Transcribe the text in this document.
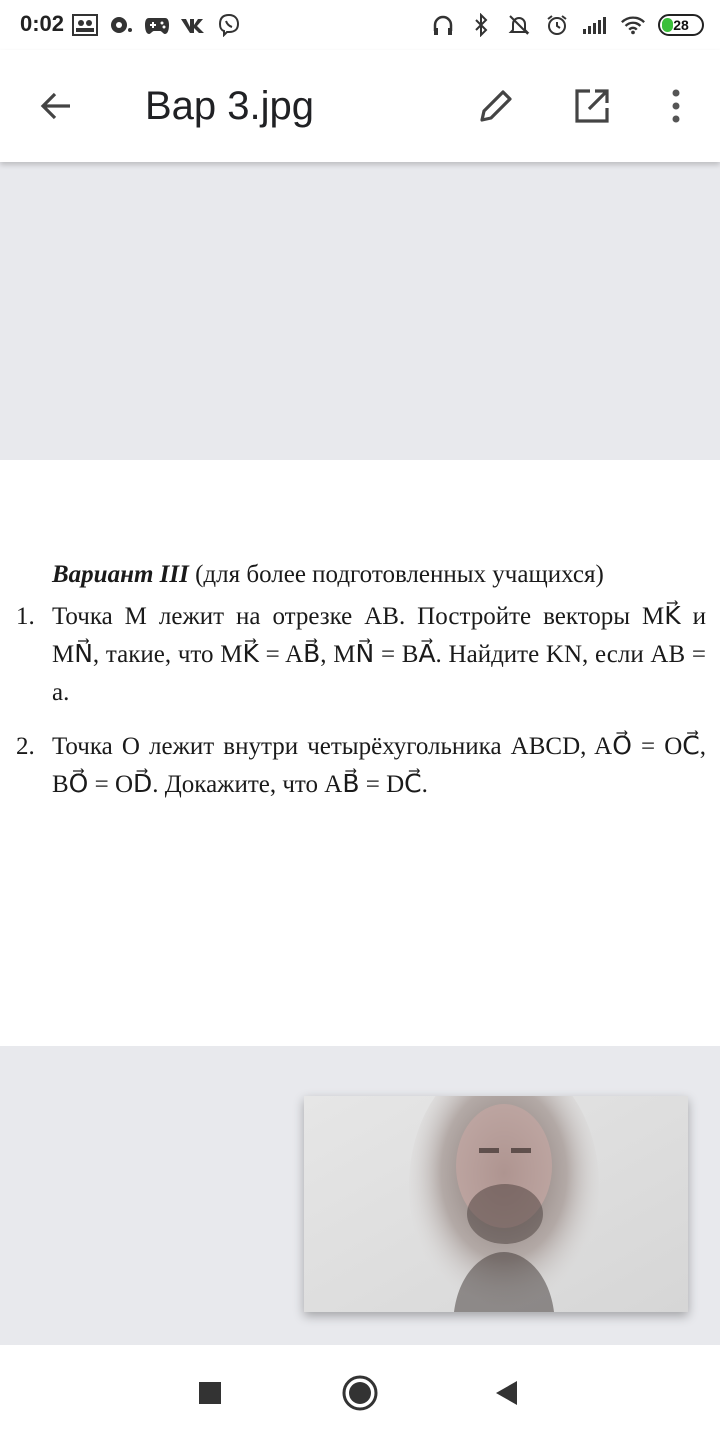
0:02	28
Вар 3.jpg
Вариант III (для более подготовленных учащихся)
1. Точка M лежит на отрезке AB. Постройте векторы MK⃗ и MN⃗, такие, что MK⃗ = AB⃗, MN⃗ = BA⃗. Найдите KN, если AB = a.
2. Точка O лежит внутри четырёхугольника ABCD, AO⃗ = OC⃗, BO⃗ = OD⃗. Докажите, что AB⃗ = DC⃗.
